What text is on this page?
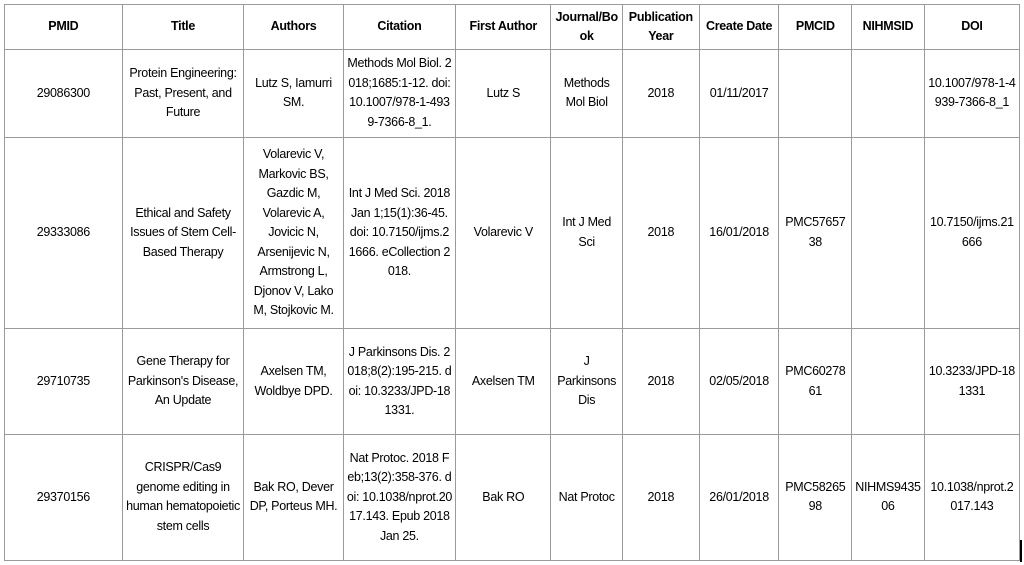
PMID	Title	Authors	Citation	First Author	Journal/Book	Publication Year	Create Date	PMCID	NIHMSID	DOI
29086300	Protein Engineering: Past, Present, and Future	Lutz S, Iamurri SM.	Methods Mol Biol. 2018;1685:1-12. doi: 10.1007/978-1-4939-7366-8_1.	Lutz S	Methods Mol Biol	2018	01/11/2017			10.1007/978-1-4939-7366-8_1
29333086	Ethical and Safety Issues of Stem Cell-Based Therapy	Volarevic V, Markovic BS, Gazdic M, Volarevic A, Jovicic N, Arsenijevic N, Armstrong L, Djonov V, Lako M, Stojkovic M.	Int J Med Sci. 2018 Jan 1;15(1):36-45. doi: 10.7150/ijms.21666. eCollection 2018.	Volarevic V	Int J Med Sci	2018	16/01/2018	PMC5765738		10.7150/ijms.21666
29710735	Gene Therapy for Parkinson's Disease, An Update	Axelsen TM, Woldbye DPD.	J Parkinsons Dis. 2018;8(2):195-215. doi: 10.3233/JPD-181331.	Axelsen TM	J Parkinsons Dis	2018	02/05/2018	PMC6027861		10.3233/JPD-181331
29370156	CRISPR/Cas9 genome editing in human hematopoietic stem cells	Bak RO, Dever DP, Porteus MH.	Nat Protoc. 2018 Feb;13(2):358-376. doi: 10.1038/nprot.2017.143. Epub 2018 Jan 25.	Bak RO	Nat Protoc	2018	26/01/2018	PMC5826598	NIHMS943506	10.1038/nprot.2017.143
